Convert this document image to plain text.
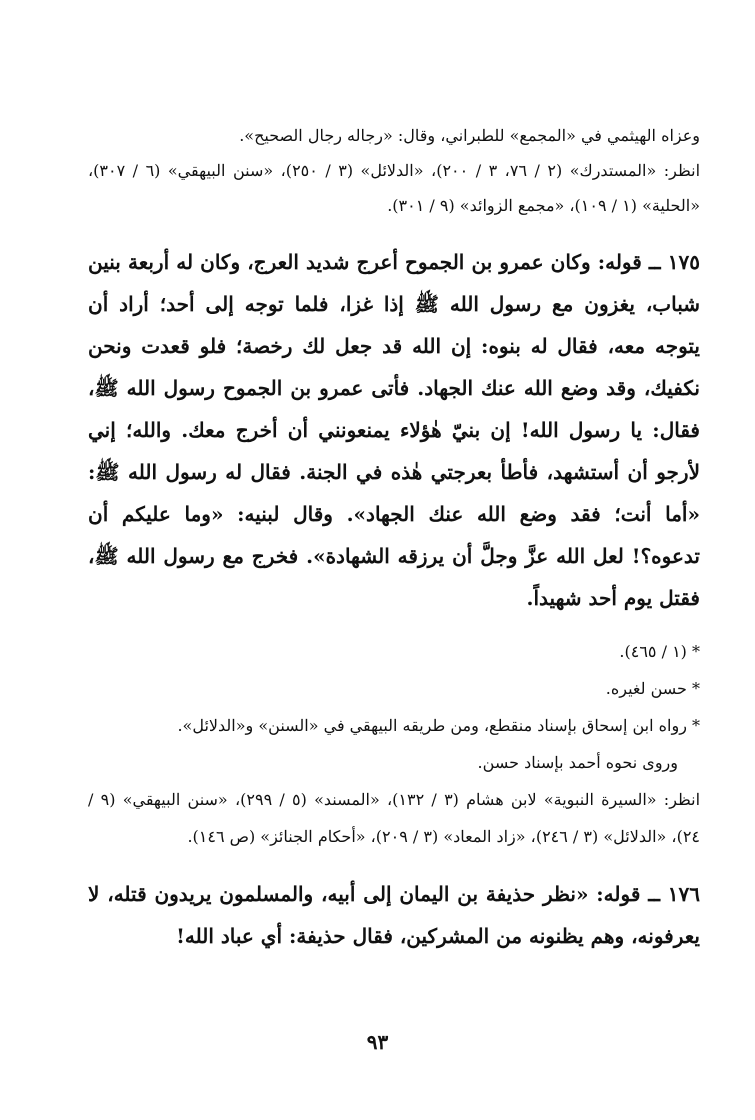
وعزاه الهيثمي في «المجمع» للطبراني، وقال: «رجاله رجال الصحيح».

انظر: «المستدرك» (٢ / ٧٦، ٣ / ٢٠٠)، «الدلائل» (٣ / ٢٥٠)، «سنن البيهقي» (٦ / ٣٠٧)، «الحلية» (١ / ١٠٩)، «مجمع الزوائد» (٩ / ٣٠١).

١٧٥ ــ قوله: وكان عمرو بن الجموح أعرج شديد العرج، وكان له أربعة بنين شباب، يغزون مع رسول الله ﷺ إذا غزا، فلما توجه إلى أحد؛ أراد أن يتوجه معه، فقال له بنوه: إن الله قد جعل لك رخصة؛ فلو قعدت ونحن نكفيك، وقد وضع الله عنك الجهاد. فأتى عمرو بن الجموح رسول الله ﷺ، فقال: يا رسول الله! إن بنيّ هٰؤلاء يمنعونني أن أخرج معك. والله؛ إني لأرجو أن أستشهد، فأطأ بعرجتي هٰذه في الجنة. فقال له رسول الله ﷺ: «أما أنت؛ فقد وضع الله عنك الجهاد». وقال لبنيه: «وما عليكم أن تدعوه؟! لعل الله عزَّ وجلَّ أن يرزقه الشهادة». فخرج مع رسول الله ﷺ، فقتل يوم أحد شهيداً.

* (١ / ٤٦٥).

* حسن لغيره.

* رواه ابن إسحاق بإسناد منقطع، ومن طريقه البيهقي في «السنن» و«الدلائل».

وروى نحوه أحمد بإسناد حسن.

انظر: «السيرة النبوية» لابن هشام (٣ / ١٣٢)، «المسند» (٥ / ٢٩٩)، «سنن البيهقي» (٩ / ٢٤)، «الدلائل» (٣ / ٢٤٦)، «زاد المعاد» (٣ / ٢٠٩)، «أحكام الجنائز» (ص ١٤٦).

١٧٦ ــ قوله: «نظر حذيفة بن اليمان إلى أبيه، والمسلمون يريدون قتله، لا يعرفونه، وهم يظنونه من المشركين، فقال حذيفة: أي عباد الله!

٩٣
